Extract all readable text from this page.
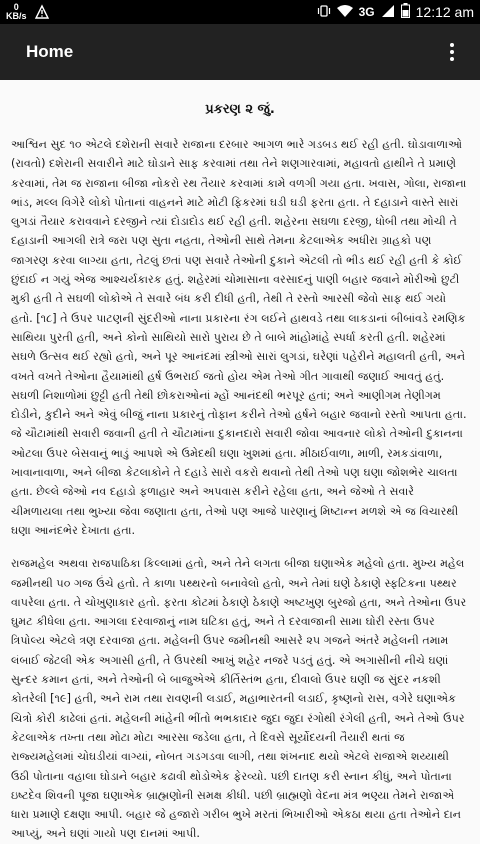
0
KB/s	3G	12:12 am
Home
પ્રકરણ ૨ જું.

આશ્વિન સુદ ૧૦ એટલે દશેરાની સવારે રાજાના દરબાર આગળ ભારે ગડબડ થઈ રહી હતી. ઘોડાવાળાઓ (રાવતો) દશેરાની સવારીને માટે ઘોડાને સાફ કરવામાં તથા તેને શણગારવામાં, મહાવતો હાથીને તે પ્રમાણે કરવામાં, તેમ જ રાજાના બીજા નોકરો રથ તૈયાર કરવામાં કામે વળગી ગયા હતા. ખવાસ, ગોલા, રાજાના ભાંડ, મલ્લ વિગેરે લોકો પોતાનાં વાહનને માટે મોટી ફિકરમાં ઘડી ઘડી ફરતા હતા. તે દહાડાને વાસ્તે સારાં લુગડાં તૈયાર કરાવવાને દરજીને ત્યાં દોડાદોડ થઈ રહી હતી. શહેરના સઘળા દરજી, ધોબી તથા મોચી તે દહાડાની આગલી રાત્રે જરા પણ સુતા નહતા, તેઓની સાથે તેમના કેટલાએક અધીરા ગ્રાહકો પણ જાગરણ કરવા લાગ્યા હતા, તેટલું છતાં પણ સવારે તેઓની દુકાને એટલી તો ભીડ થઈ રહી હતી કે કોઈ છુંદાઈ ન ગયું એજ આશ્ચર્યકારક હતું. શહેરમાં ચોમાસાના વરસાદનું પાણી બહાર જવાને મોરીઓ છુટી મુકી હતી તે સઘળી લોકોએ તે સવારે બંધ કરી દીધી હતી, તેથી તે રસ્તો આરસી જેવો સાફ થઈ ગયો હતો. [૧૮] તે ઉપર પાટણની સુંદરીઓ નાના પ્રકારના રંગ લઈને હાથવડે તથા લાકડાનાં બીબાંવડે રમણિક સાથિયા પુરતી હતી, અને કોનો સાથિયો સારો પુરાય છે તે બાબે માંહોમાંહે સ્પર્ધા કરતી હતી. શહેરમાં સઘળે ઉત્સવ થઈ રહ્યો હતો, અને પૂર આનંદમાં સ્ત્રીઓ સારાં લુગડાં, ઘરેણાં પહેરીને મહાલતી હતી, અને વખતે વખતે તેઓના હૈયામાંથી હર્ષ ઉભરાઈ જતો હોય એમ તેઓ ગીત ગાવાથી જણાઈ આવતું હતું. સઘળી નિશાળોમાં છુટ્ટી હતી તેથી છોકરાઓનાં મ્હોં આનંદથી ભરપૂર હતાં; અને આણીગમ તેણીગમ દોડીને, કુદીને અને એવું બીજું નાના પ્રકારનું તોફાન કરીને તેઓ હર્ષને બહાર જવાનો રસ્તો આપતા હતા. જે ચૌટામાંથી સવારી જવાની હતી તે ચૌટામાંના દુકાનદારો સવારી જોવા આવનાર લોકો તેઓની દુકાનના ઓટલા ઉપર બેસવાનું ભાડું આપશે એ ઉમેદથી ઘણા ખુશમાં હતા. મીઠાઈવાળા, માળી, રમકડાંવાળા, ખાવાનાવાળા, અને બીજા કેટલાકોને તે દહાડે સારો વકરો થવાનો તેથી તેઓ પણ ઘણા જોશભેર ચાલતા હતા. છેલ્લે જેઓ નવ દહાડો ફળાહાર અને અપવાસ કરીને રહેલા હતા, અને જેઓ તે સવારે ચીમળાયલા તથા ભુખ્યા જેવા જણાતા હતા, તેઓ પણ આજે પારણાનું મિષ્ટાન્ન મળશે એ જ વિચારથી ઘણા આનંદભેર દેખાતા હતા.

રાજમહેલ અથવા રાજપાઠિકા કિલ્લામાં હતો, અને તેને લગતા બીજા ઘણાએક મહેલો હતા. મુખ્ય મહેલ જમીનથી ૫૦ ગજ ઉંચે હતો. તે કાળા પથ્થરનો બનાવેલો હતો, અને તેમાં ઘણે ઠેકાણે સ્ફટિકના પથ્થર વાપરેલા હતા. તે ચોખુણાકાર હતો. ફરતા કોટમાં ઠેકાણે ઠેકાણે અષ્ટખુણ બુરજો હતા, અને તેઓના ઉપર ઘુમટ કીધેલા હતા. આગલા દરવાજાનું નામ ઘટિકા હતું, અને તે દરવાજાની સામા ઘોરી રસ્તા ઉપર ત્રિપોલ્ય એટલે ત્રણ દરવાજા હતા. મહેલની ઉપર જમીનથી આસરે ૨૫ ગજને અંતરે મહેલની તમામ લંબાઈ જેટલી એક અગાસી હતી, તે ઉપરથી આખું શહેર નજરે પડતું હતું. એ અગાસીની નીચે ઘણાં સુન્દર કમાન હતાં, અને તેઓની બે બાજુએએ કીર્તિસ્તંભ હતા, દીવાલો ઉપર ઘણી જ સુંદર નકશી કોતરેલી [૧૯] હતી, અને રામ તથા રાવણની લડાઈ, મહાભારતની લડાઈ, કૃષ્ણનો રાસ, વગેરે ઘણાએક ચિત્રો કોરી કાઢેલાં હતાં. મહેલની માંહેની ભીંતો ભભકાદાર જુદા જુદા રંગોથી રંગેલી હતી, અને તેઓ ઉપર કેટલાએક તખ્તા તથા મોટા મોટા આરસા જડેલા હતા, તે દિવસે સૂર્યોદયની તૈયારી થતાં જ રાજ્યમહેલમાં ચોઘડીયાં વાગ્યાં, નોબત ગડગડવા લાગી, તથા શંખનાદ થયો એટલે રાજાએ શય્યાથી ઉઠી પોતાના વહાલા ઘોડાને બહાર કઢાવી થોડોએક ફેરવ્યો. પછી દાતણ કરી સ્નાન કીધું, અને પોતાના ઇષ્ટદેવ શિવની પૂજા ઘણાએક બ્રાહ્મણોની સમક્ષ કીધી. પછી બ્રાહ્મણો વેદના મંત્ર ભણ્યા તેમને રાજાએ ધારા પ્રમાણે દક્ષણા આપી. બહાર જે હજારો ગરીબ ભુખે મરતાં ભિખારીઓ એકઠા થયા હતા તેઓને દાન આપ્યું, અને ઘણાં ગાયો પણ દાનમાં આપી.
